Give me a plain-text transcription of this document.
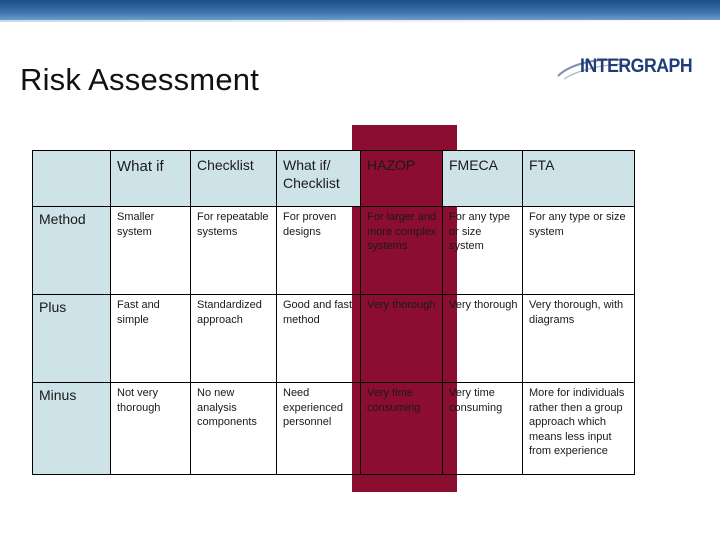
Risk Assessment	INTERGRAPH
	What if	Checklist	What if/ Checklist	HAZOP	FMECA	FTA
Method	Smaller system	For repeatable systems	For proven designs	For larger and more complex systems	For any type or size system	For any type or size system
Plus	Fast and simple	Standardized approach	Good and fast method	Very thorough	Very thorough	Very thorough, with diagrams
Minus	Not very thorough	No new analysis components	Need experienced personnel	Very time consuming	Very time consuming	More for individuals rather then a group approach which means less input from experience
